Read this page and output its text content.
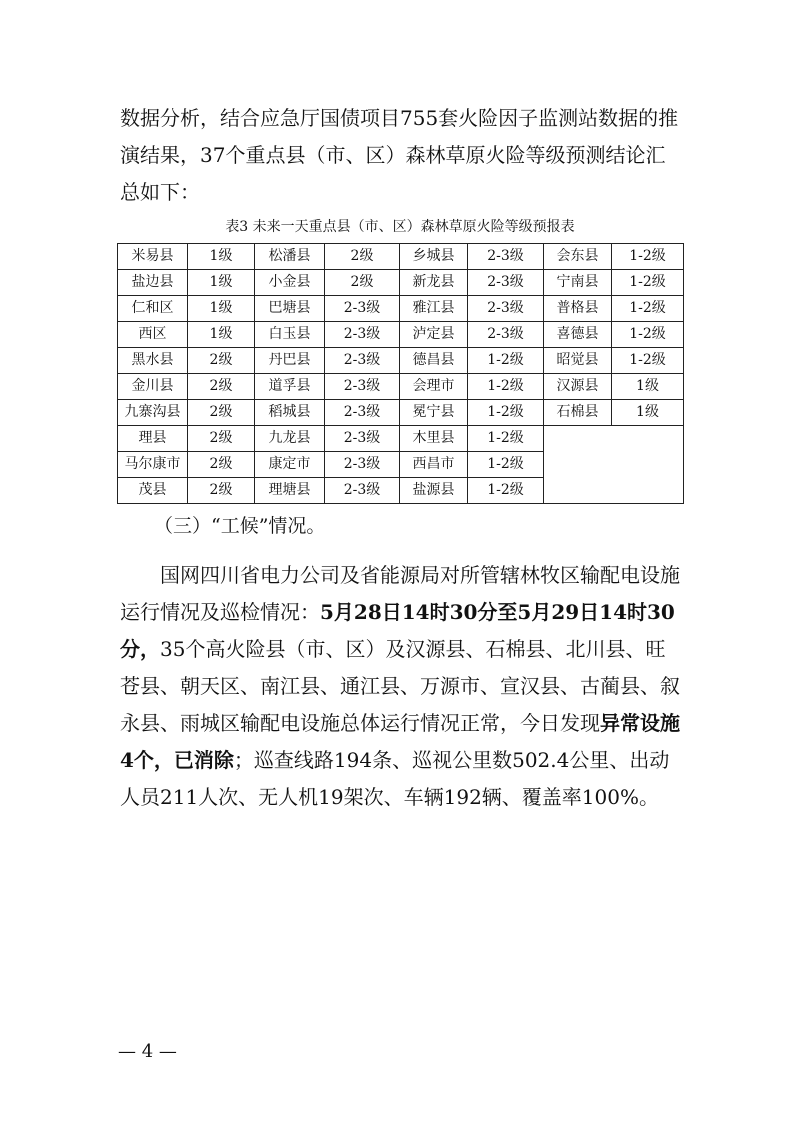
数据分析，结合应急厅国债项目755套火险因子监测站数据的推演结果，37个重点县（市、区）森林草原火险等级预测结论汇总如下：

表3 未来一天重点县（市、区）森林草原火险等级预报表
米易县	1级	松潘县	2级	乡城县	2-3级	会东县	1-2级
盐边县	1级	小金县	2级	新龙县	2-3级	宁南县	1-2级
仁和区	1级	巴塘县	2-3级	雅江县	2-3级	普格县	1-2级
西区	1级	白玉县	2-3级	泸定县	2-3级	喜德县	1-2级
黑水县	2级	丹巴县	2-3级	德昌县	1-2级	昭觉县	1-2级
金川县	2级	道孚县	2-3级	会理市	1-2级	汉源县	1级
九寨沟县	2级	稻城县	2-3级	冕宁县	1-2级	石棉县	1级
理县	2级	九龙县	2-3级	木里县	1-2级		
马尔康市	2级	康定市	2-3级	西昌市	1-2级		
茂县	2级	理塘县	2-3级	盐源县	1-2级		
（三）“工候”情况。

国网四川省电力公司及省能源局对所管辖林牧区输配电设施运行情况及巡检情况：5月28日14时30分至5月29日14时30分，35个高火险县（市、区）及汉源县、石棉县、北川县、旺苍县、朝天区、南江县、通江县、万源市、宣汉县、古蔺县、叙永县、雨城区输配电设施总体运行情况正常，今日发现异常设施4个，已消除；巡查线路194条、巡视公里数502.4公里、出动人员211人次、无人机19架次、车辆192辆、覆盖率100%。

— 4 —
